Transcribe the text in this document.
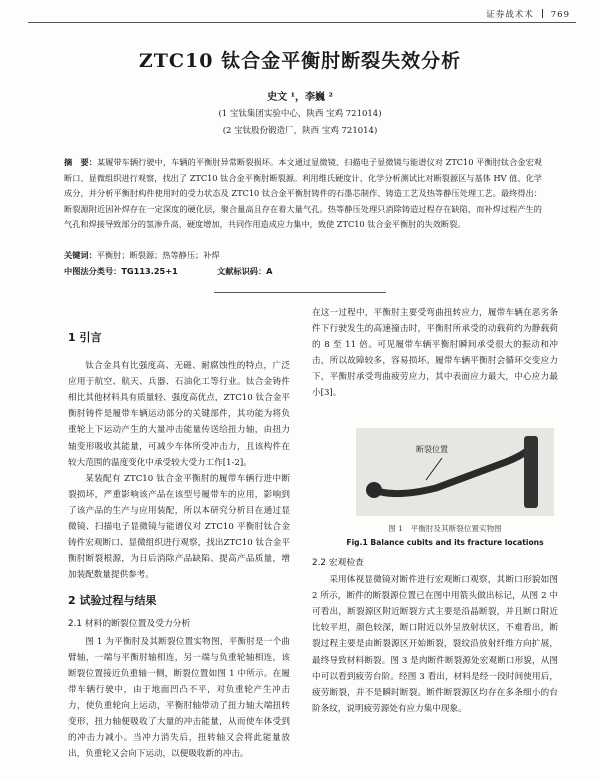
证券战术术 769
ZTC10 钛合金平衡肘断裂失效分析
史文 ¹，李巍 ²
(1 宝钛集团实验中心，陕西 宝鸡 721014)
(2 宝钛股份锻造厂，陕西 宝鸡 721014)
摘　要：某履带车辆行驶中，车辆的平衡肘异常断裂损坏。本文通过显微镜、扫描电子显微镜与能谱仪对 ZTC10 平衡肘钛合金宏观断口、显微组织进行观察，找出了 ZTC10 钛合金平衡肘断裂源。利用维氏硬度计、化学分析测试比对断裂源区与基体 HV 值、化学成分，并分析平衡肘构件使用时的受力状态及 ZTC10 钛合金平衡肘铸件的石墨芯制作、铸造工艺及热等静压处理工艺。最终得出：断裂源附近因补焊存在一定深度的硬化层，聚合量高且存在着大量气孔。热等静压处理只消除铸造过程存在缺陷，而补焊过程产生的气孔和焊接导致部分的氢渗升高、硬度增加，共同作用造成应力集中，致使 ZTC10 钛合金平衡肘的失效断裂。
关键词：平衡肘；断裂源；热等静压；补焊
中图法分类号：TG113.25+1	文献标识码：A
1 引言

钛合金具有比强度高、无磁、耐腐蚀性的特点，广泛应用于航空、航天、兵器、石油化工等行业。钛合金铸件相比其他材料具有质量轻、强度高优点，ZTC10 钛合金平衡肘铸件是履带车辆运动部分的关键部件，其功能为将负重轮上下运动产生的大量冲击能量传送给扭力轴，由扭力轴变形吸收其能量，可减少车体所受冲击力，且该构件在较大范围的温度变化中承受较大受力工作[1-2]。

某装配有 ZTC10 钛合金平衡肘的履带车辆行进中断裂损坏，严重影响该产品在该型号履带车的应用，影响到了该产品的生产与应用装配，所以本研究分析目在通过显微镜、扫描电子显微镜与能谱仪对 ZTC10 平衡肘钛合金铸件宏观断口、显微组织进行观察，找出ZTC10 钛合金平衡肘断裂根源，为日后消除产品缺陷、提高产品质量，增加装配数量提供参考。

2 试验过程与结果
2.1 材料的断裂位置及受力分析

图 1 为平衡肘及其断裂位置实物图，平衡肘是一个曲臂轴，一端与平衡肘轴相连，另一端与负重轮轴相连，该断裂位置接近负重轴一侧，断裂位置如图 1 中所示。在履带车辆行驶中，由于地面凹凸不平，对负重轮产生冲击力，使负重轮向上运动，平衡肘轴带动了扭力轴大端扭转变形，扭力轴便吸收了大量的冲击能量，从而使车体受到的冲击力减小。当冲力消失后，扭转轴又会将此能量放出，负重轮又会向下运动，以便吸收新的冲击。

在这一过程中，平衡肘主要受弯曲扭转应力，履带车辆在恶劣条件下行驶发生的高速撞击时，平衡肘所承受的动载荷约为静载荷的 8 至 11 倍。可见履带车辆平衡肘瞬间承受很大的振动和冲击，所以故障较多，容易损坏。履带车辆平衡肘会循环交变应力下，平衡肘承受弯曲疲劳应力，其中表面应力最大，中心应力最小[3]。

断裂位置
图 1　平衡肘及其断裂位置实物图
Fig.1 Balance cubits and its fracture locations
2.2 宏观检查

采用体视显微镜对断件进行宏观断口观察，其断口形貌如图 2 所示，断件的断裂源位置已在图中用箭头做出标记，从图 2 中可看出，断裂源区附近断裂方式主要是沿晶断裂，并且断口附近比较平坦，颜色较深，断口附近以外呈放射状区，不难看出，断裂过程主要是由断裂源区开始断裂，裂纹沿放射纤维方向扩展，最终导致材料断裂。图 3 是肉断件断裂源处宏观断口形貌，从图中可以看到疲劳台阶。经图 3 看出，材料是经一段时间使用后，疲劳断裂，并不是瞬时断裂。断件断裂源区均存在多条细小的台阶条纹，说明疲劳源处有应力集中现象。
